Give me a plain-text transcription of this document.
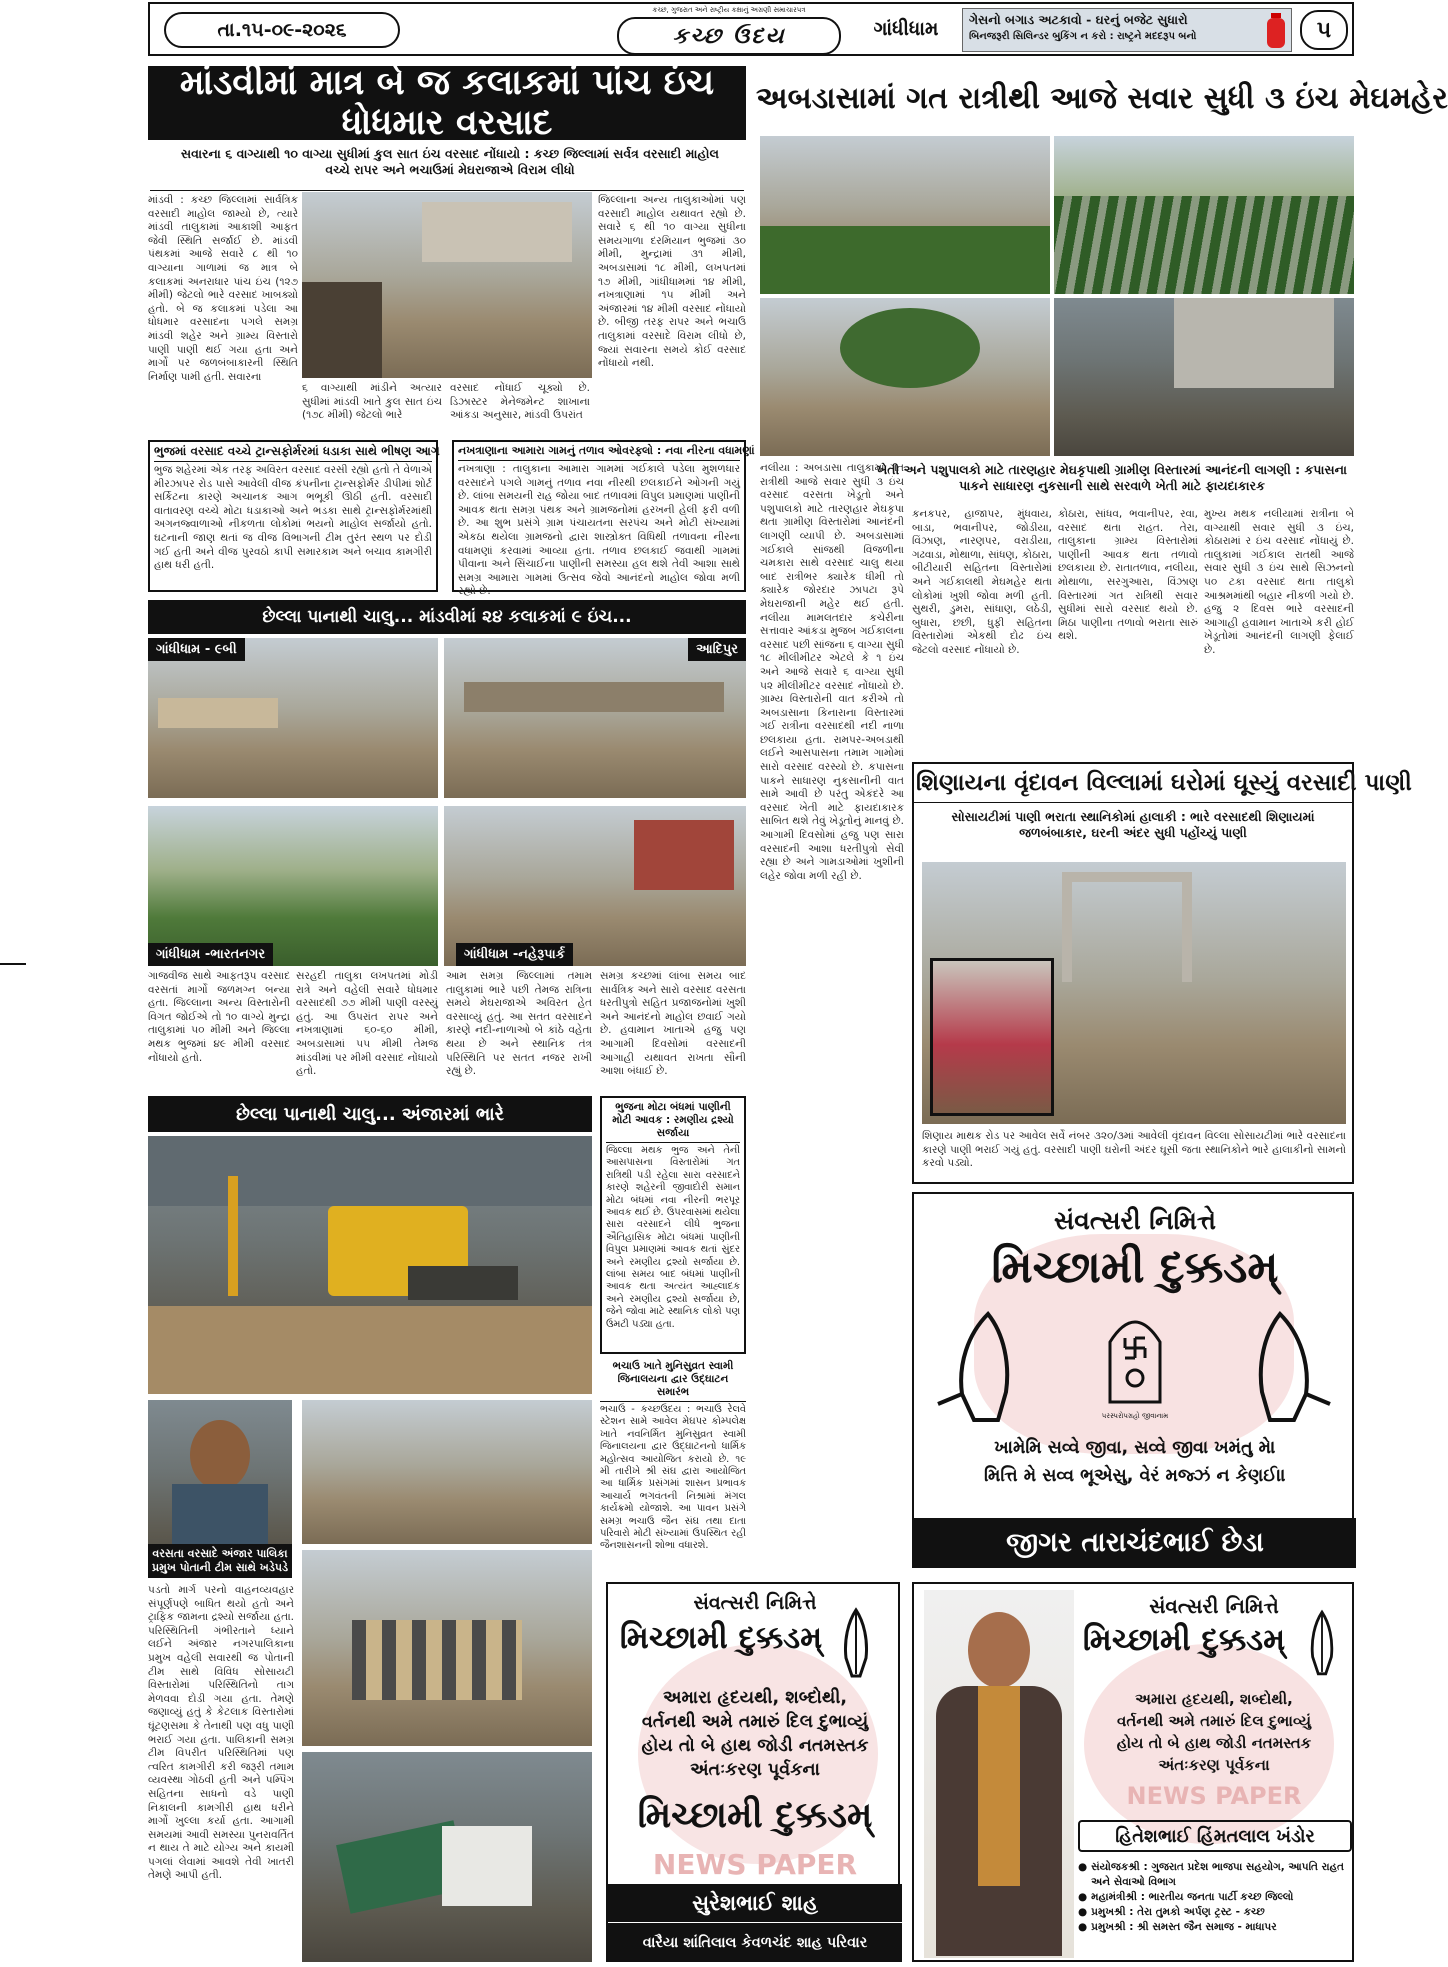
તા.૧૫-૦૯-૨૦૨૬
કચ્છ, ગુજરાત અને રાષ્ટ્રીય કક્ષાનું અગ્રણી સમાચારપત્ર
કચ્છ ઉદય	ગાંધીધામ	ગેસનો બગાડ અટકાવો - ઘરનું બજેટ સુધારો
બિનજરૂરી સિલિન્ડર બુકિંગ ન કરો : રાષ્ટ્રને મદદરૂપ બનો	૫
માંડવીમાં માત્ર બે જ કલાકમાં પાંચ ઇંચ ધોધમાર વરસાદ
સવારના ૬ વાગ્યાથી ૧૦ વાગ્યા સુધીમાં કુલ સાત ઇંચ વરસાદ નોંધાયો : કચ્છ જિલ્લામાં સર્વત્ર વરસાદી માહોલ વચ્ચે રાપર અને ભચાઉમાં મેઘરાજાએ વિરામ લીધો
માંડવી : કચ્છ જિલ્લામાં સાર્વત્રિક વરસાદી માહોલ જામ્યો છે, ત્યારે માંડવી તાલુકામાં આકાશી આફત જેવી સ્થિતિ સર્જાઈ છે. માંડવી પંથકમાં આજે સવારે ૮ થી ૧૦ વાગ્યાના ગાળામાં જ માત્ર બે કલાકમાં અનરાધાર પાંચ ઇંચ (૧૨૭ મીમી) જેટલો ભારે વરસાદ ખાબક્યો હતો. બે જ કલાકમાં પડેલા આ ધોધમાર વરસાદના પગલે સમગ્ર માંડવી શહેર અને ગ્રામ્ય વિસ્તારો પાણી પાણી થઈ ગયા હતા અને માર્ગો પર જળબંબાકારની સ્થિતિ નિર્માણ પામી હતી. સવારના
૬ વાગ્યાથી માંડીને અત્યાર સુધીમાં માંડવી ખાતે કુલ સાત ઇંચ (૧૭૮ મીમી) જેટલો ભારે
વરસાદ નોંધાઈ ચૂક્યો છે. ડિઝાસ્ટર મેનેજમેન્ટ શાખાના આંકડા અનુસાર, માંડવી ઉપરાંત
જિલ્લાના અન્ય તાલુકાઓમાં પણ વરસાદી માહોલ યથાવત રહ્યો છે. સવારે ૬ થી ૧૦ વાગ્યા સુધીના સમયગાળા દરમિયાન ભુજમાં ૩૦ મીમી, મુન્દ્રામાં ૩૧ મીમી, અબડાસામાં ૧૮ મીમી, લખપતમાં ૧૭ મીમી, ગાંધીધામમાં ૧૪ મીમી, નખત્રાણામાં ૧૫ મીમી અને અંજારમાં ૧૪ મીમી વરસાદ નોંધાયો છે. બીજી તરફ રાપર અને ભચાઉ તાલુકામાં વરસાદે વિરામ લીધો છે, જ્યાં સવારના સમયે કોઈ વરસાદ નોંધાયો નથી.
ભુજમાં વરસાદ વચ્ચે ટ્રાન્સફોર્મરમાં ધડાકા સાથે ભીષણ આગ
ભુજ શહેરમાં એક તરફ અવિરત વરસાદ વરસી રહ્યો હતો તે વેળાએ મીરઝાપર રોડ પાસે આવેલી વીજ કંપનીના ટ્રાન્સફોર્મર ડીપીમાં શોર્ટ સર્કિટના કારણે અચાનક આગ ભભૂકી ઊઠી હતી. વરસાદી વાતાવરણ વચ્ચે મોટા ધડાકાઓ અને ભડકા સાથે ટ્રાન્સફોર્મરમાંથી અગનજ્વાળાઓ નીકળતા લોકોમાં ભયનો માહોલ સર્જાયો હતો. ઘટનાની જાણ થતાં જ વીજ વિભાગની ટીમ તુરંત સ્થળ પર દોડી ગઈ હતી અને વીજ પુરવઠો કાપી સમારકામ અને બચાવ કામગીરી હાથ ધરી હતી.
નખત્રાણાના આમારા ગામનું તળાવ ઓવરફ્લો : નવા નીરના વધામણાં
નખત્રાણા : તાલુકાના આમારા ગામમાં ગઈકાલે પડેલા મુશળધાર વરસાદને પગલે ગામનું તળાવ નવા નીરથી છલકાઈને ઓગની ગયું છે. લાંબા સમયની રાહ જોયા બાદ તળાવમાં વિપુલ પ્રમાણમાં પાણીની આવક થતા સમગ્ર પંથક અને ગ્રામજનોમાં હરખની હેલી ફરી વળી છે. આ શુભ પ્રસંગે ગ્રામ પંચાયતના સરપંચ અને મોટી સંખ્યામાં એકઠા થયેલા ગ્રામજનો દ્વારા શાસ્ત્રોક્ત વિધિથી તળાવના નીરના વધામણાં કરવામાં આવ્યા હતા. તળાવ છલકાઈ જવાથી ગામમાં પીવાના અને સિંચાઈના પાણીની સમસ્યા હલ થશે તેવી આશા સાથે સમગ્ર આમારા ગામમાં ઉત્સવ જેવો આનંદનો માહોલ જોવા મળી રહ્યો છે.
છેલ્લા પાનાથી ચાલુ... માંડવીમાં ૨૪ કલાકમાં ૯ ઇંચ...
ગાંધીધામ - ૯બી	આદિપુર
ગાંધીધામ -ભારતનગર	ગાંધીધામ -નહેરૂપાર્ક
ગાજવીજ સાથે આફતરૂપ વરસાદ વરસતાં માર્ગો જળમગ્ન બન્યા હતા. જિલ્લાના અન્ય વિસ્તારોની વિગત જોઈએ તો ૧૦ વાગ્યે મુન્દ્રા તાલુકામાં ૫૦ મીમી અને જિલ્લા મથક ભુજમાં ૪૯ મીમી વરસાદ નોંધાયો હતો.
સરહદી તાલુકા લખપતમાં મોડી રાત્રે અને વહેલી સવારે ધોધમાર વરસાદથી ૭૭ મીમી પાણી વરસ્યું હતું. આ ઉપરાંત રાપર અને નખત્રાણામાં ૬૦-૬૦ મીમી, અબડાસામાં ૫૫ મીમી તેમજ માંડવીમાં પર મીમી વરસાદ નોંધાયો હતો.
આમ સમગ્ર જિલ્લામાં તમામ તાલુકામાં ભારે પછી તેમજ રાત્રિના સમયે મેઘરાજાએ અવિરત હેત વરસાવ્યું હતું. આ સતત વરસાદને કારણે નદી-નાળાઓ બે કાંઠે વહેતા થયા છે અને સ્થાનિક તંત્ર પરિસ્થિતિ પર સતત નજર રાખી રહ્યું છે.
સમગ્ર કચ્છમાં લાંબા સમય બાદ સાર્વત્રિક અને સારો વરસાદ વરસતા ધરતીપુત્રો સહિત પ્રજાજનોમાં ખુશી અને આનંદનો માહોલ છવાઈ ગયો છે. હવામાન ખાતાએ હજુ પણ આગામી દિવસોમાં વરસાદની આગાહી યથાવત રાખતા સૌની આશા બંધાઈ છે.
છેલ્લા પાનાથી ચાલુ... અંજારમાં ભારે	ભુજના મોટા બંધમાં પાણીની મોટી આવક : રમણીય દ્રશ્યો સર્જાયા
જિલ્લા મથક ભુજ અને તેની આસપાસના વિસ્તારોમાં ગત રાત્રિથી પડી રહેલા સારા વરસાદને કારણે શહેરની જીવાદોરી સમાન મોટા બંધમાં નવા નીરની ભરપૂર આવક થઈ છે. ઉપરવાસમાં થયેલા સારા વરસાદને લીધે ભુજના ઐતિહાસિક મોટા બંધમાં પાણીની વિપુલ પ્રમાણમાં આવક થતાં સુંદર અને રમણીય દ્રશ્યો સર્જાયા છે. લાંબા સમય બાદ બંધમાં પાણીની આવક થતા અત્યંત આહ્લાદક અને રમણીય દ્રશ્યો સર્જાયા છે, જેને જોવા માટે સ્થાનિક લોકો પણ ઉમટી પડ્યા હતા.
ભચાઉ ખાતે મુનિસુવ્રત સ્વામી જિનાલયના દ્વાર ઉદ્ઘાટન સમારંભ
ભચાઉ - કચ્છઉદય : ભચાઉ રેલવે સ્ટેશન સામે આવેલ મેઘપર કોમ્પલેક્ષ ખાતે નવનિર્મિત મુનિસુવ્રત સ્વામી જિનાલયના દ્વાર ઉદ્ઘાટનનો ધાર્મિક મહોત્સવ આયોજિત કરાયો છે. ૧૯ મી તારીખે શ્રી સંઘ દ્વારા આયોજિત આ ધાર્મિક પ્રસંગમાં શાસન પ્રભાવક આચાર્ય ભગવંતની નિશ્રામાં મંગલ કાર્યક્રમો યોજાશે. આ પાવન પ્રસંગે સમગ્ર ભચાઉ જૈન સંઘ તથા દાતા પરિવારો મોટી સંખ્યામાં ઉપસ્થિત રહી જૈનશાસનની શોભા વધારશે.
વરસતા વરસાદે અંજાર પાલિકા પ્રમુખ પોતાની ટીમ સાથે ખડેપડે
પડતો માર્ગ પરનો વાહનવ્યવહાર સંપૂર્ણપણે બાધિત થયો હતો અને ટ્રાફિક જામના દ્રશ્યો સર્જાયા હતા. પરિસ્થિતિની ગંભીરતાને ધ્યાને લઈને અંજાર નગરપાલિકાના પ્રમુખ વહેલી સવારથી જ પોતાની ટીમ સાથે વિવિધ સોસાયટી વિસ્તારોમાં પરિસ્થિતિનો તાગ મેળવવા દોડી ગયા હતા. તેમણે જણાવ્યું હતું કે કેટલાક વિસ્તારોમાં ઘૂંટણસમા કે તેનાથી પણ વધુ પાણી ભરાઈ ગયા હતા. પાલિકાની સમગ્ર ટીમ વિપરીત પરિસ્થિતિમાં પણ ત્વરિત કામગીરી કરી જરૂરી તમામ વ્યવસ્થા ગોઠવી હતી અને પમ્પિંગ સહિતના સાધનો વડે પાણી નિકાલની કામગીરી હાથ ધરીને માર્ગો ખુલ્લા કર્યા હતા. આગામી સમયમાં આવી સમસ્યા પુનરાવર્તિત ન થાય તે માટે યોગ્ય અને કાયમી પગલાં લેવામાં આવશે તેવી ખાતરી તેમણે આપી હતી.
સંવત્સરી નિમિત્તે
મિચ્છામી દુક્કડમ્
અમારા હૃદયથી, શબ્દોથી,
વર્તનથી અમે તમારું દિલ દુભાવ્યું
હોય તો બે હાથ જોડી નતમસ્તક
અંતઃકરણ પૂર્વકના
મિચ્છામી દુક્કડમ્
NEWS PAPER
સુરેશભાઈ શાહ
વારૈયા શાંતિલાલ કેવળચંદ શાહ પરિવાર
અબડાસામાં ગત રાત્રીથી આજે સવાર સુધી ૩ ઇંચ મેઘમહેર
ખેતી અને પશુપાલકો માટે તારણહાર મેઘકૃપાથી ગ્રામીણ વિસ્તારમાં આનંદની લાગણી : કપાસના પાકને સાધારણ નુકસાની સાથે સરવાળે ખેતી માટે ફાયદાકારક
નલીયા : અબડાસા તાલુકામાં ગત રાત્રીથી આજે સવાર સુધી ૩ ઇંચ વરસાદ વરસતા ખેડૂતો અને પશુપાલકો માટે તારણહાર મેઘકૃપા થતા ગ્રામીણ વિસ્તારોમાં આનંદની લાગણી વ્યાપી છે. અબડાસામાં ગઈકાલે સાંજથી વિજળીના ચમકારા સાથે વરસાદ ચાલુ થયા બાદ રાત્રીભર ક્યારેક ધીમી તો ક્યારેક જોરદાર ઝાપટા રૂપે મેઘરાજાની મહેર થઈ હતી. નલીયા મામલતદાર કચેરીના સત્તાવાર આંકડા મુજબ ગઈકાલના વરસાદ પછી સાંજના ૬ વાગ્યા સુધી ૧૮ મીલીમીટર એટલે કે ૧ ઇંચ અને આજે સવારે ૬ વાગ્યા સુધી ૫૨ મીલીમીટર વરસાદ નોંધાયો છે. ગ્રામ્ય વિસ્તારોની વાત કરીએ તો અબડાસાના કિનારાના વિસ્તારમાં ગઈ રાત્રીના વરસાદથી નદી નાળા છલકાયા હતા. રામપર-અબડાથી લઈને આસપાસના તમામ ગામોમાં સારો વરસાદ વરસ્યો છે. કપાસના પાકને સાધારણ નુકસાનીની વાત સામે આવી છે પરંતુ એકંદરે આ વરસાદ ખેતી માટે ફાયદાકારક સાબિત થશે તેવું ખેડૂતોનું માનવું છે. આગામી દિવસોમાં હજુ પણ સારા વરસાદની આશા ધરતીપુત્રો સેવી રહ્યા છે અને ગામડાઓમાં ખુશીની લહેર જોવા મળી રહી છે.
કનકપર, હાજાપર, મુંધવાય, બાડા, ભવાનીપર, જોડીયા, વિંઝાણ, નારણપર, વરાડીયા, ગઢવાડા, મોથાળા, સાંધણ, કોઠારા, બીટીયારી સહિતના વિસ્તારોમાં અને ગઈકાલથી મેઘમહેર થતા લોકોમાં ખુશી જોવા મળી હતી. સુથરી, ડુમરા, સાંધાણ, લઠેડી, બુધારા, છછી, ધુફી સહિતના વિસ્તારોમાં એકથી દોઢ ઇંચ જેટલો વરસાદ નોંધાયો છે.
કોઠારા, સાંધવ, ભવાનીપર, રવા, વરસાદ થતા રાહત. તેરા, તાલુકાના ગ્રામ્ય વિસ્તારોમાં પાણીની આવક થતા તળાવો છલકાયા છે. રાતાતળાવ, નલીયા, મોથાળા, સરગુઆરા, વિંઝાણ વિસ્તારમાં ગત રાત્રિથી સવાર સુધીમાં સારો વરસાદ થયો છે. મિઠા પાણીના તળાવો ભરાતા સારું થશે.
મુખ્ય મથક નલીયામાં રાત્રીના બે વાગ્યાથી સવાર સુધી ૩ ઇંચ, કોઠારામાં ર ઇંચ વરસાદ નોંધાયું છે. તાલુકામાં ગઈકાલ રાતથી આજે સવાર સુધી ૩ ઇંચ સાથે સિઝનનો ૫૦ ટકા વરસાદ થતા તાલુકો આશ્રમમાંથી બહાર નીકળી ગયો છે. હજુ ૨ દિવસ ભારે વરસાદની આગાહી હવામાન ખાતાએ કરી હોઈ ખેડૂતોમાં આનંદની લાગણી ફેલાઈ છે.
શિણાયના વૃંદાવન વિલ્લામાં ઘરોમાં ઘૂસ્યું વરસાદી પાણી
સોસાયટીમાં પાણી ભરાતા સ્થાનિકોમાં હાલાકી : ભારે વરસાદથી શિણાયમાં જળબંબાકાર, ઘરની અંદર સુધી પહોંચ્યું પાણી
શિણાય માથક રોડ પર આવેલ સર્વે નંબર ૩૨૦/૩માં આવેલી વૃંદાવન વિલ્લા સોસાયટીમાં ભારે વરસાદના કારણે પાણી ભરાઈ ગયું હતું. વરસાદી પાણી ઘરોની અંદર ઘૂસી જતા સ્થાનિકોને ભારે હાલાકીનો સામનો કરવો પડ્યો.
સંવત્સરી નિમિત્તે
મિચ્છામી દુક્કડમ્
પરસ્પરોપગ્રહો જીવાનામ
ખામેમિ સવ્વે જીવા, સવ્વે જીવા ખમંતુ મે।
મિત્તિ મે સવ્વ ભૂએસુ, વેરં મજ્ઝં ન કેણઈ॥
જીગર તારાચંદભાઈ છેડા
સંવત્સરી નિમિત્તે
મિચ્છામી દુક્કડમ્
અમારા હૃદયથી, શબ્દોથી,
વર્તનથી અમે તમારું દિલ દુભાવ્યું
હોય તો બે હાથ જોડી નતમસ્તક
અંતઃકરણ પૂર્વકના
NEWS PAPER
હિતેશભાઈ હિંમતલાલ ખંડોર
● સંયોજકશ્રી : ગુજરાત પ્રદેશ ભાજપા સહયોગ, આપતિ રાહત અને સેવાઓ વિભાગ
● મહામંત્રીશ્રી : ભારતીય જનતા પાર્ટી કચ્છ જિલ્લો
● પ્રમુખશ્રી : તેરા તુમકો અર્પણ ટ્રસ્ટ - કચ્છ
● પ્રમુખશ્રી : શ્રી સમસ્ત જૈન સમાજ - માધાપર
